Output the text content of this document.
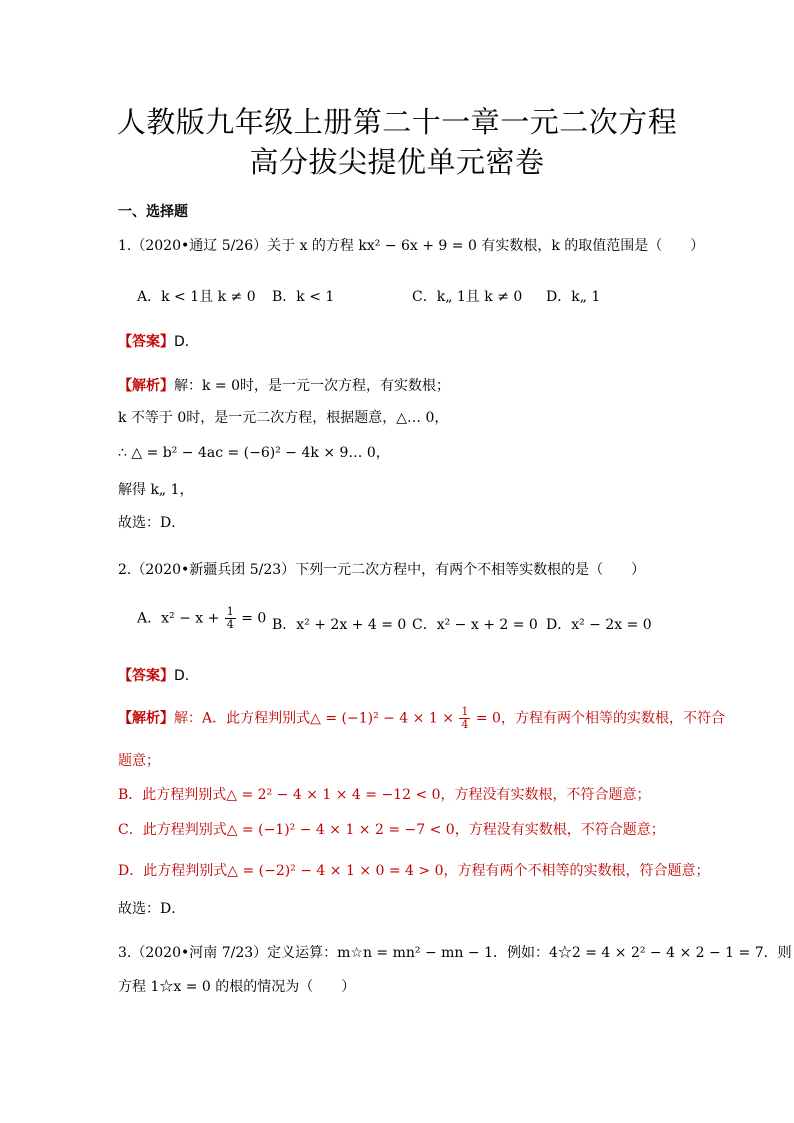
人教版九年级上册第二十一章一元二次方程
高分拔尖提优单元密卷
一、选择题
1.（2020•通辽 5/26）关于 x 的方程 kx² − 6x + 9 = 0 有实数根，k 的取值范围是（　　）
A．k < 1且 k ≠ 0 B．k < 1	C．k„ 1且 k ≠ 0 D．k„ 1
【答案】D．
【解析】解：k = 0时，是一元一次方程，有实数根；
k 不等于 0时，是一元二次方程，根据题意，△… 0，
∴ △ = b² − 4ac = (−6)² − 4k × 9… 0，
解得 k„ 1，
故选：D．
2.（2020•新疆兵团 5/23）下列一元二次方程中，有两个不相等实数根的是（　　）
A．$x^2 - x + \frac{1}{4} = 0$ B．x² + 2x + 4 = 0 C．x² − x + 2 = 0 D．x² − 2x = 0
【答案】D．
【解析】解：A．此方程判别式△ = $(-1)^2 - 4 \times 1 \times \frac{1}{4} = 0$，方程有两个相等的实数根，不符合
题意；
B．此方程判别式△ = 2² − 4 × 1 × 4 = −12 < 0，方程没有实数根，不符合题意；
C．此方程判别式△ = (−1)² − 4 × 1 × 2 = −7 < 0，方程没有实数根，不符合题意；
D．此方程判别式△ = (−2)² − 4 × 1 × 0 = 4 > 0，方程有两个不相等的实数根，符合题意；
故选：D．
3.（2020•河南 7/23）定义运算：m☆n = mn² − mn − 1．例如：4☆2 = 4 × 2² − 4 × 2 − 1 = 7．则
方程 1☆x = 0 的根的情况为（　　）
